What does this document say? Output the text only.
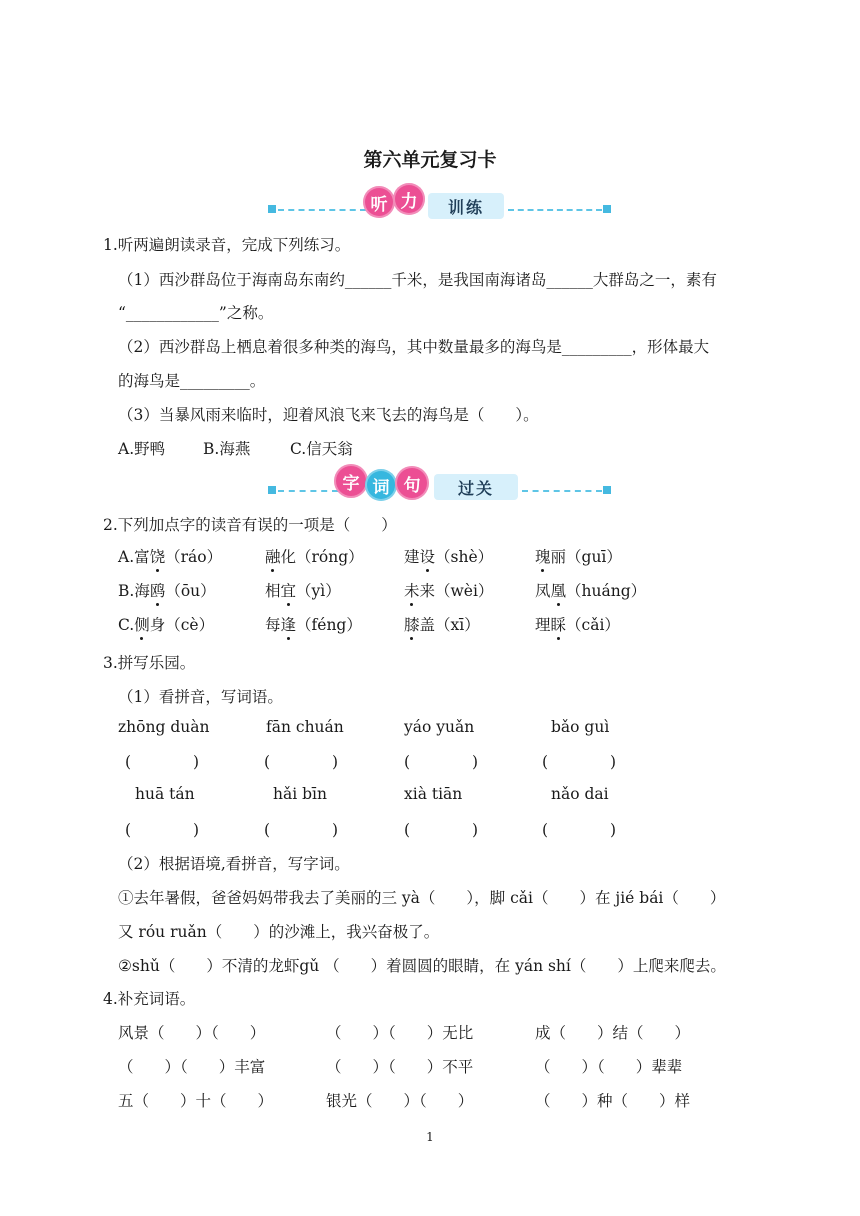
第六单元复习卡
听 力	训练
1.听两遍朗读录音，完成下列练习。
（1）西沙群岛位于海南岛东南约______千米，是我国南海诸岛______大群岛之一，素有
“____________”之称。
（2）西沙群岛上栖息着很多种类的海鸟，其中数量最多的海鸟是_________，形体最大
的海鸟是_________。
（3）当暴风雨来临时，迎着风浪飞来飞去的海鸟是（　　）。
A.野鸭 B.海燕	C.信天翁
字 词 句	过关
2.下列加点字的读音有误的一项是（　　）
A.富饶（ráo）	融化（róng）	建设（shè）	瑰丽（guī）
B.海鸥（ōu）	相宜（yì）	未来（wèi）	凤凰（huáng）
C.侧身（cè）	每逢（féng）	膝盖（xī）	理睬（cǎi）
3.拼写乐园。
（1）看拼音，写词语。
zhōng duàn	fān chuán	yáo yuǎn	bǎo guì
(　　　　)	(　　　　)	(　　　　)	(　　　　)
huā tán	hǎi bīn	xià tiān	nǎo dai
(　　　　)	(　　　　)	(　　　　)	(　　　　)
（2）根据语境,看拼音，写字词。
①去年暑假，爸爸妈妈带我去了美丽的三 yà（　　），脚 cǎi（　　）在 jié bái（　　）
又 róu ruǎn（　　）的沙滩上，我兴奋极了。
②shǔ（　　）不清的龙虾gǔ （　　）着圆圆的眼睛，在 yán shí（　　）上爬来爬去。
4.补充词语。
风景（　　）（　　）	（　　）（　　）无比	成（　　）结（　　）
（　　）（　　）丰富	（　　）（　　）不平	（　　）（　　）辈辈
五（　　）十（　　）	银光（　　）（　　）	（　　）种（　　）样
1
